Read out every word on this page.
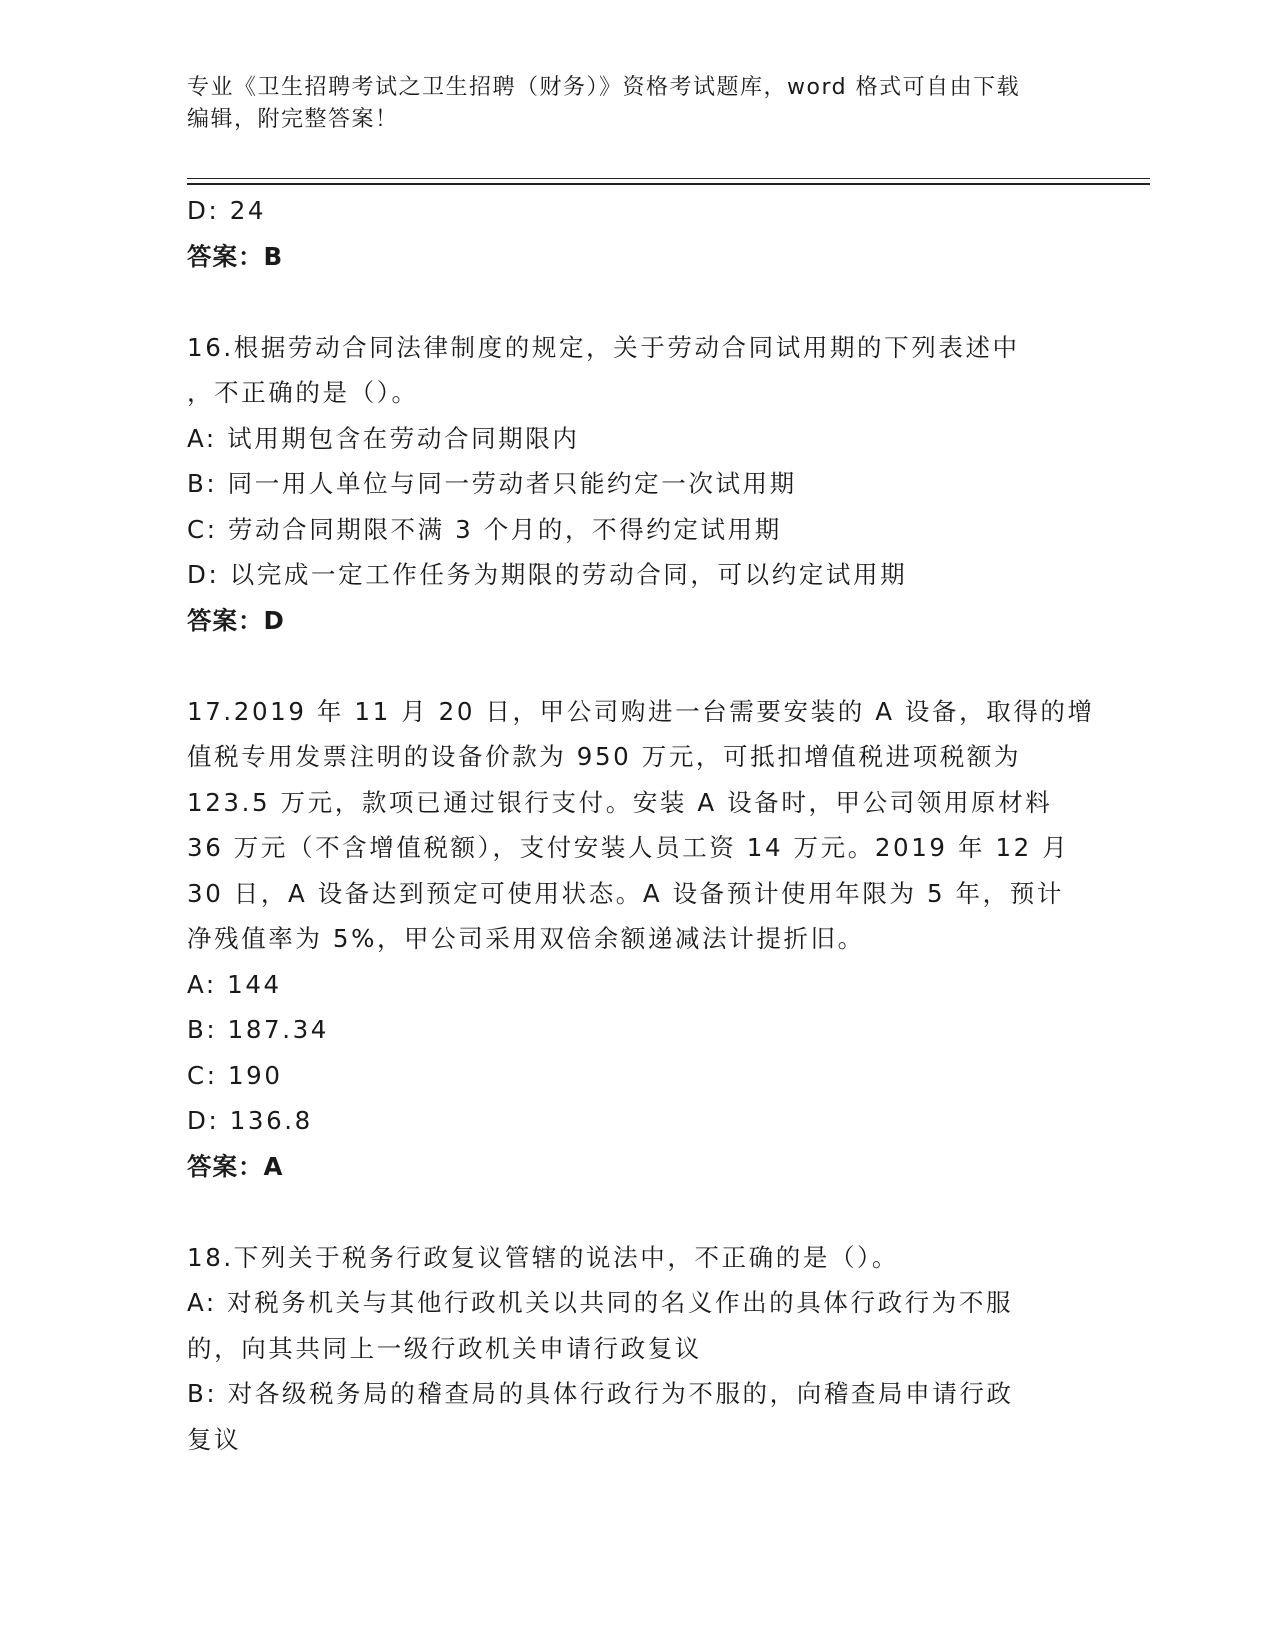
专业《卫生招聘考试之卫生招聘（财务）》资格考试题库，word 格式可自由下载
编辑，附完整答案！
D: 24
答案：B
16.根据劳动合同法律制度的规定，关于劳动合同试用期的下列表述中
，不正确的是（）。
A: 试用期包含在劳动合同期限内
B: 同一用人单位与同一劳动者只能约定一次试用期
C: 劳动合同期限不满 3 个月的，不得约定试用期
D: 以完成一定工作任务为期限的劳动合同，可以约定试用期
答案：D
17.2019 年 11 月 20 日，甲公司购进一台需要安装的 A 设备，取得的增
值税专用发票注明的设备价款为 950 万元，可抵扣增值税进项税额为
123.5 万元，款项已通过银行支付。安装 A 设备时，甲公司领用原材料
36 万元（不含增值税额），支付安装人员工资 14 万元。2019 年 12 月
30 日，A 设备达到预定可使用状态。A 设备预计使用年限为 5 年，预计
净残值率为 5%，甲公司采用双倍余额递减法计提折旧。
A: 144
B: 187.34
C: 190
D: 136.8
答案：A
18.下列关于税务行政复议管辖的说法中，不正确的是（）。
A: 对税务机关与其他行政机关以共同的名义作出的具体行政行为不服
的，向其共同上一级行政机关申请行政复议
B: 对各级税务局的稽查局的具体行政行为不服的，向稽查局申请行政
复议
